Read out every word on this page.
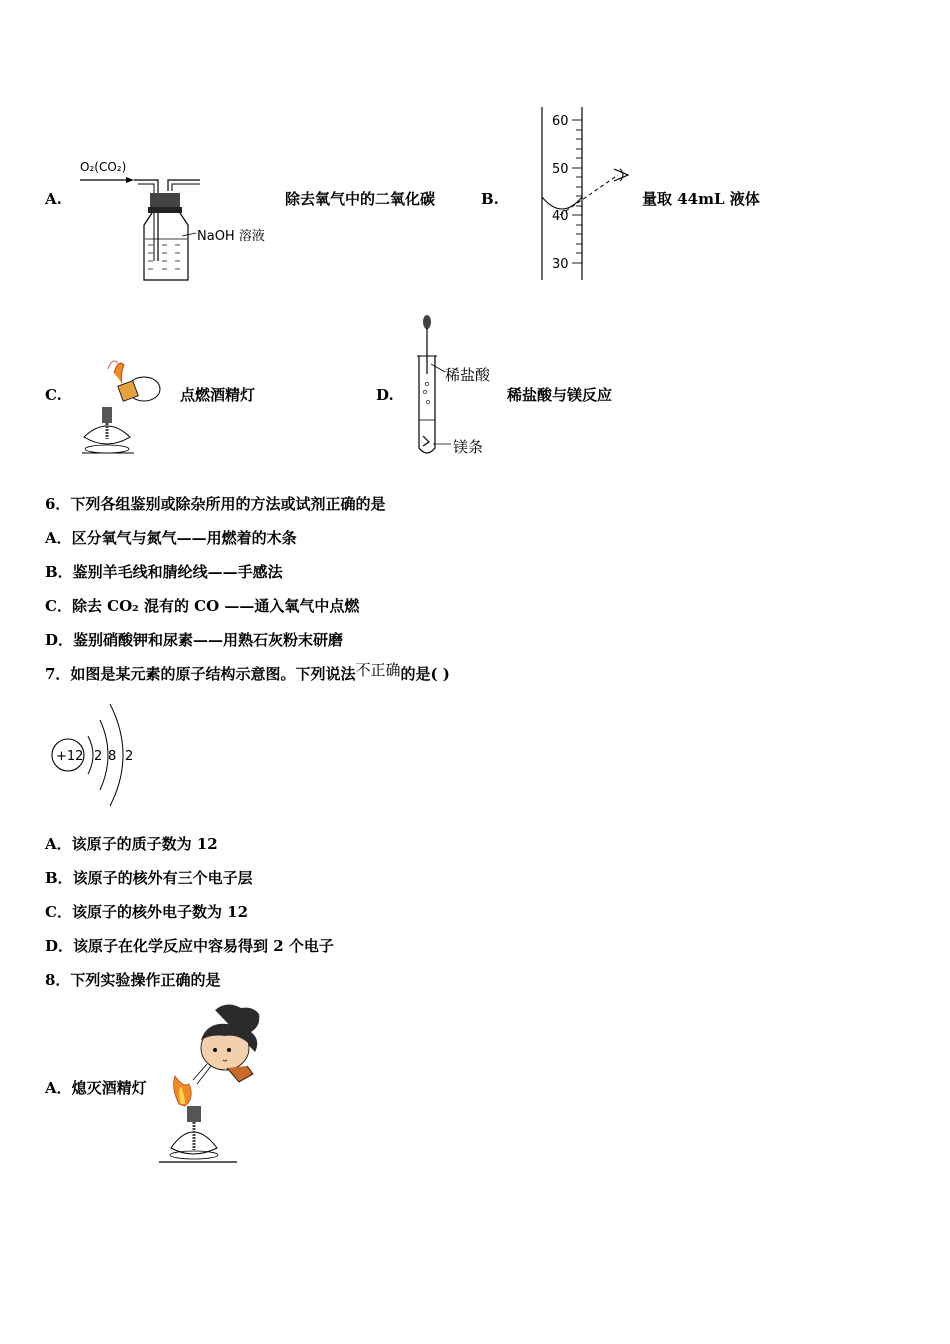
A.
O₂(CO₂)
NaOH 溶液
除去氧气中的二氧化碳	B.
60
50
40
30
量取 44mL 液体
C.	点燃酒精灯	D.
稀盐酸
镁条
稀盐酸与镁反应
6．下列各组鉴别或除杂所用的方法或试剂正确的是
A．区分氧气与氮气——用燃着的木条
B．鉴别羊毛线和腈纶线——手感法
C．除去 CO₂ 混有的 CO ——通入氧气中点燃
D．鉴别硝酸钾和尿素——用熟石灰粉末研磨
7．如图是某元素的原子结构示意图。下列说法不正确的是( )
+12 2 8 2
A．该原子的质子数为 12
B．该原子的核外有三个电子层
C．该原子的核外电子数为 12
D．该原子在化学反应中容易得到 2 个电子
8．下列实验操作正确的是
A．熄灭酒精灯
